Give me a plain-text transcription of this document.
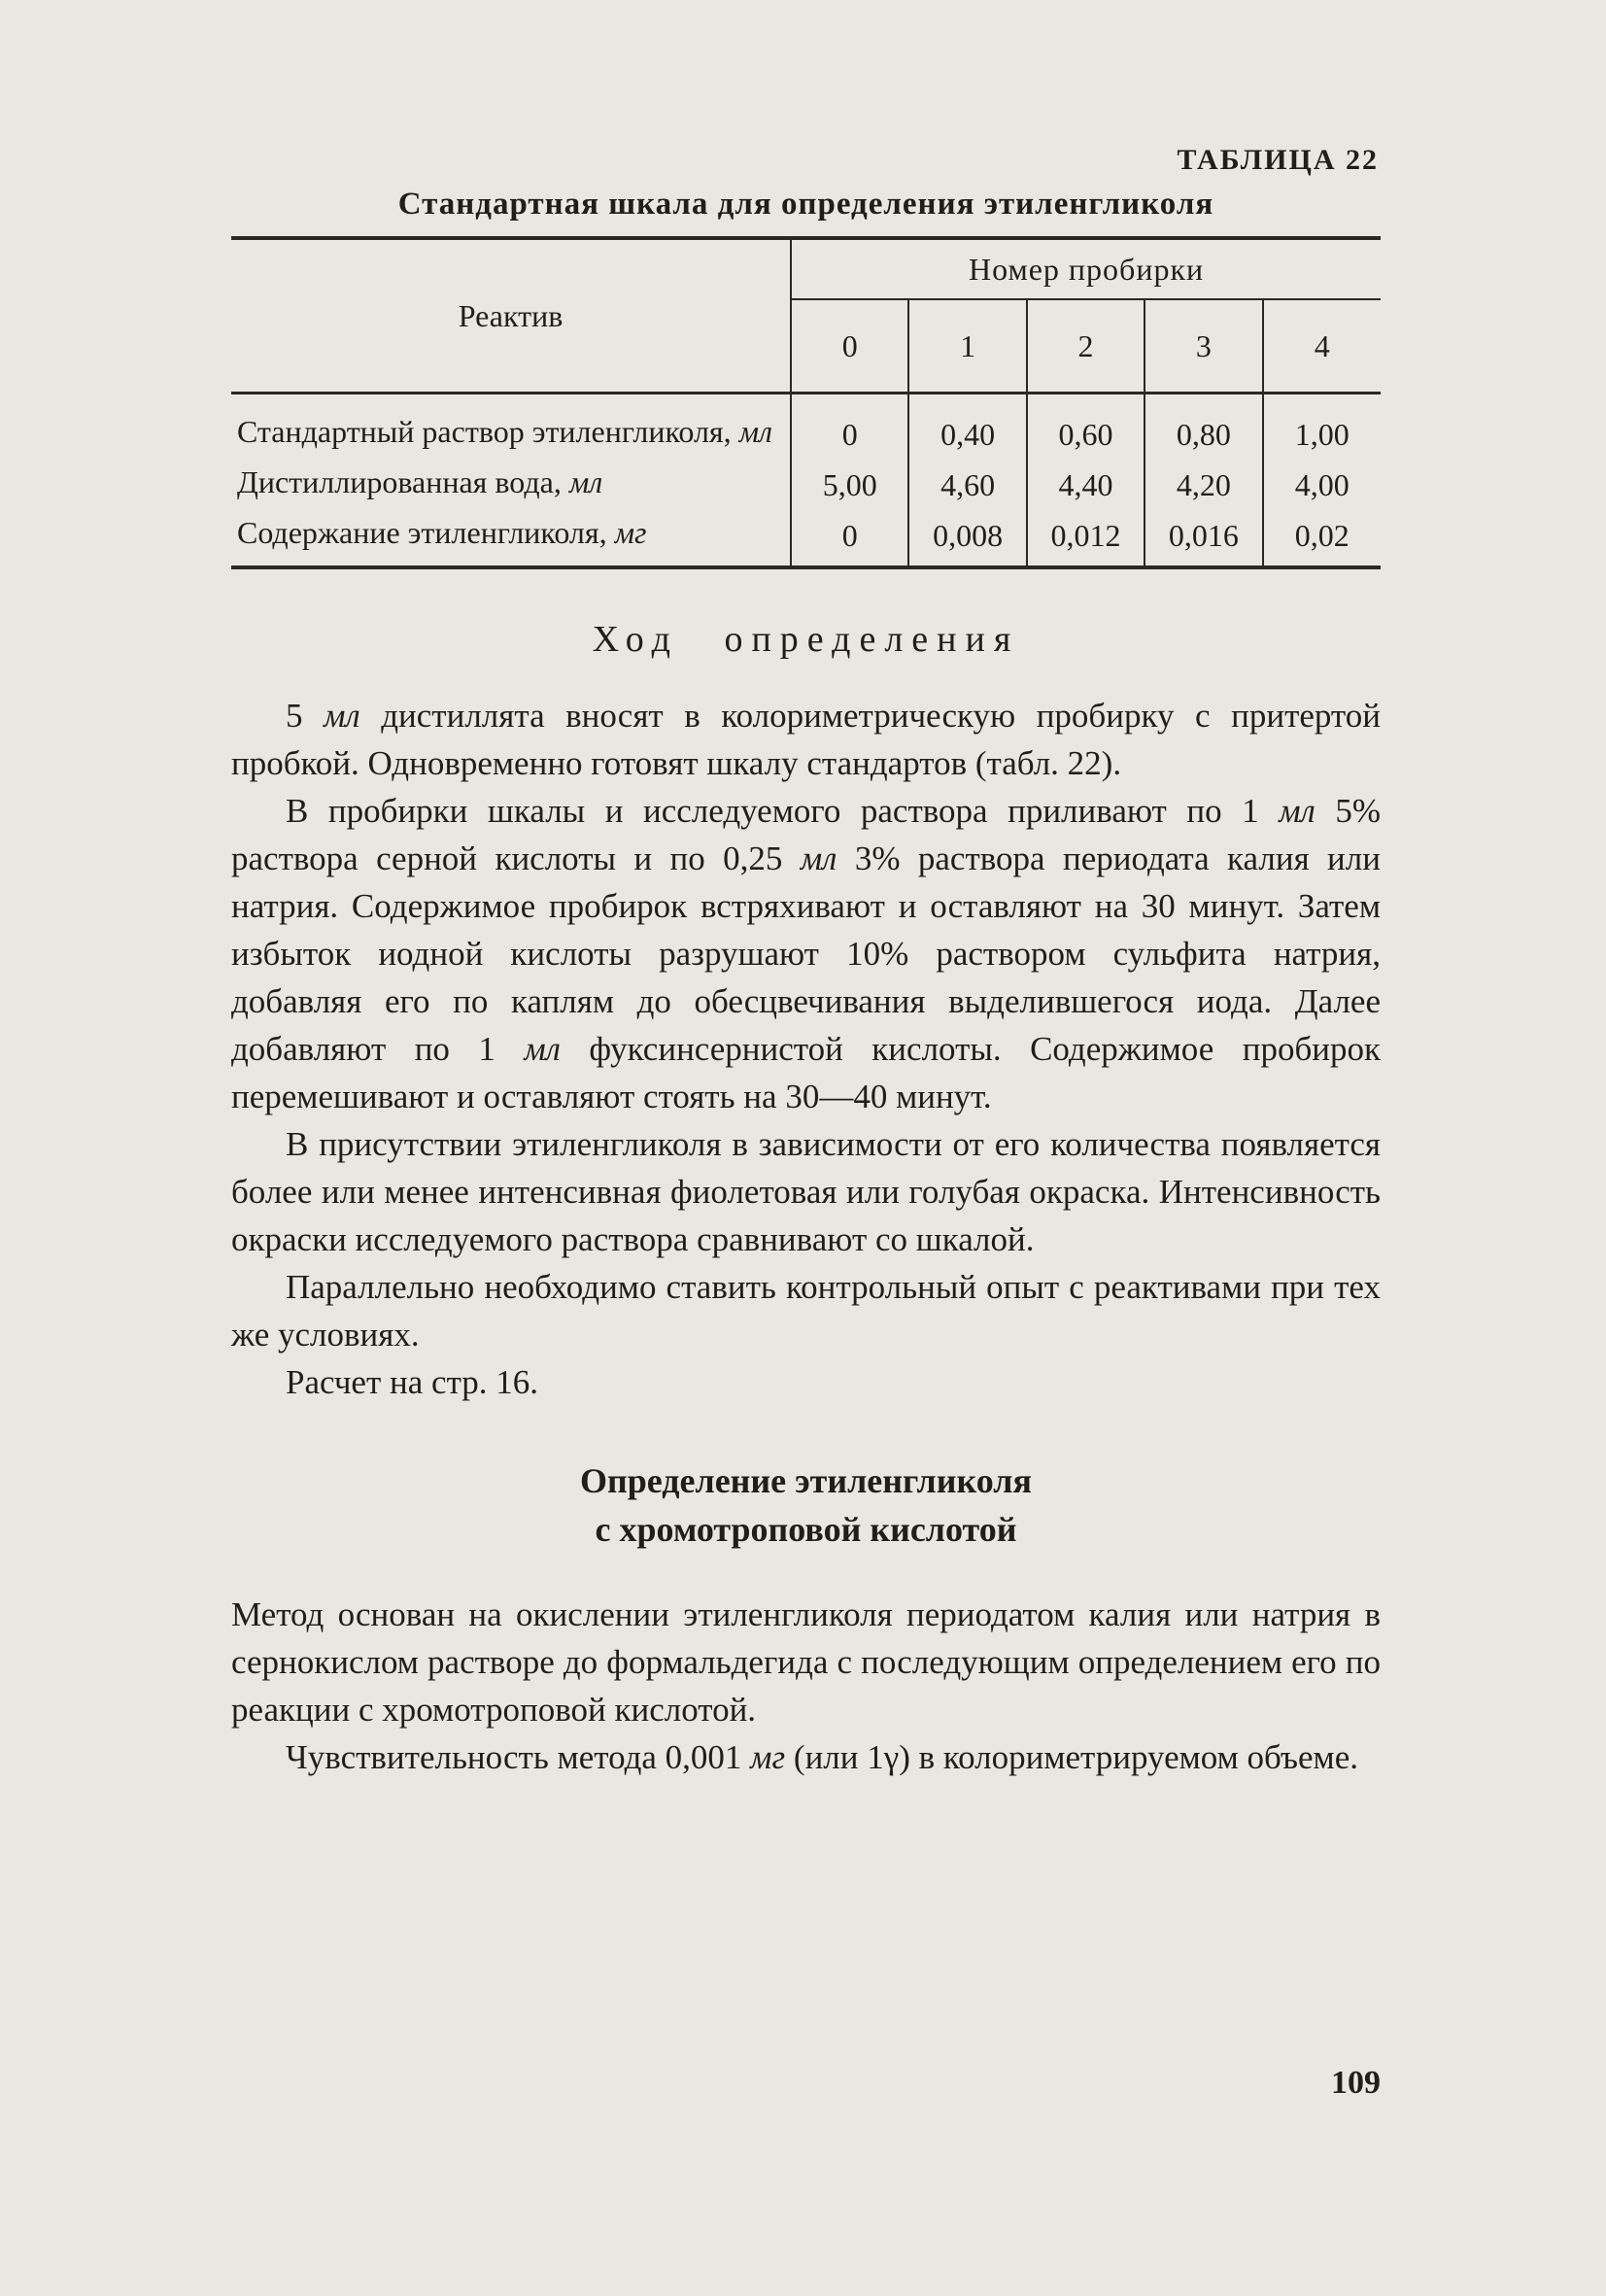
ТАБЛИЦА 22
Стандартная шкала для определения этиленгликоля
Реактив	Номер пробирки				
	0	1	2	3	4
Стандартный раствор этиленгликоля, мл	0	0,40	0,60	0,80	1,00
Дистиллированная вода, мл	5,00	4,60	4,40	4,20	4,00
Содержание этиленгликоля, мг	0	0,008	0,012	0,016	0,02
Ход определения

5 мл дистиллята вносят в колориметрическую пробирку с притертой пробкой. Одновременно готовят шкалу стандартов (табл. 22).

В пробирки шкалы и исследуемого раствора приливают по 1 мл 5% раствора серной кислоты и по 0,25 мл 3% раствора периодата калия или натрия. Содержимое пробирок встряхивают и оставляют на 30 минут. Затем избыток иодной кислоты разрушают 10% раствором сульфита натрия, добавляя его по каплям до обесцвечивания выделившегося иода. Далее добавляют по 1 мл фуксинсернистой кислоты. Содержимое пробирок перемешивают и оставляют стоять на 30—40 минут.

В присутствии этиленгликоля в зависимости от его количества появляется более или менее интенсивная фиолетовая или голубая окраска. Интенсивность окраски исследуемого раствора сравнивают со шкалой.

Параллельно необходимо ставить контрольный опыт с реактивами при тех же условиях.

Расчет на стр. 16.

Определение этиленгликоля
с хромотроповой кислотой

Метод основан на окислении этиленгликоля периодатом калия или натрия в сернокислом растворе до формальдегида с последующим определением его по реакции с хромотроповой кислотой.

Чувствительность метода 0,001 мг (или 1γ) в колориметрируемом объеме.

109
